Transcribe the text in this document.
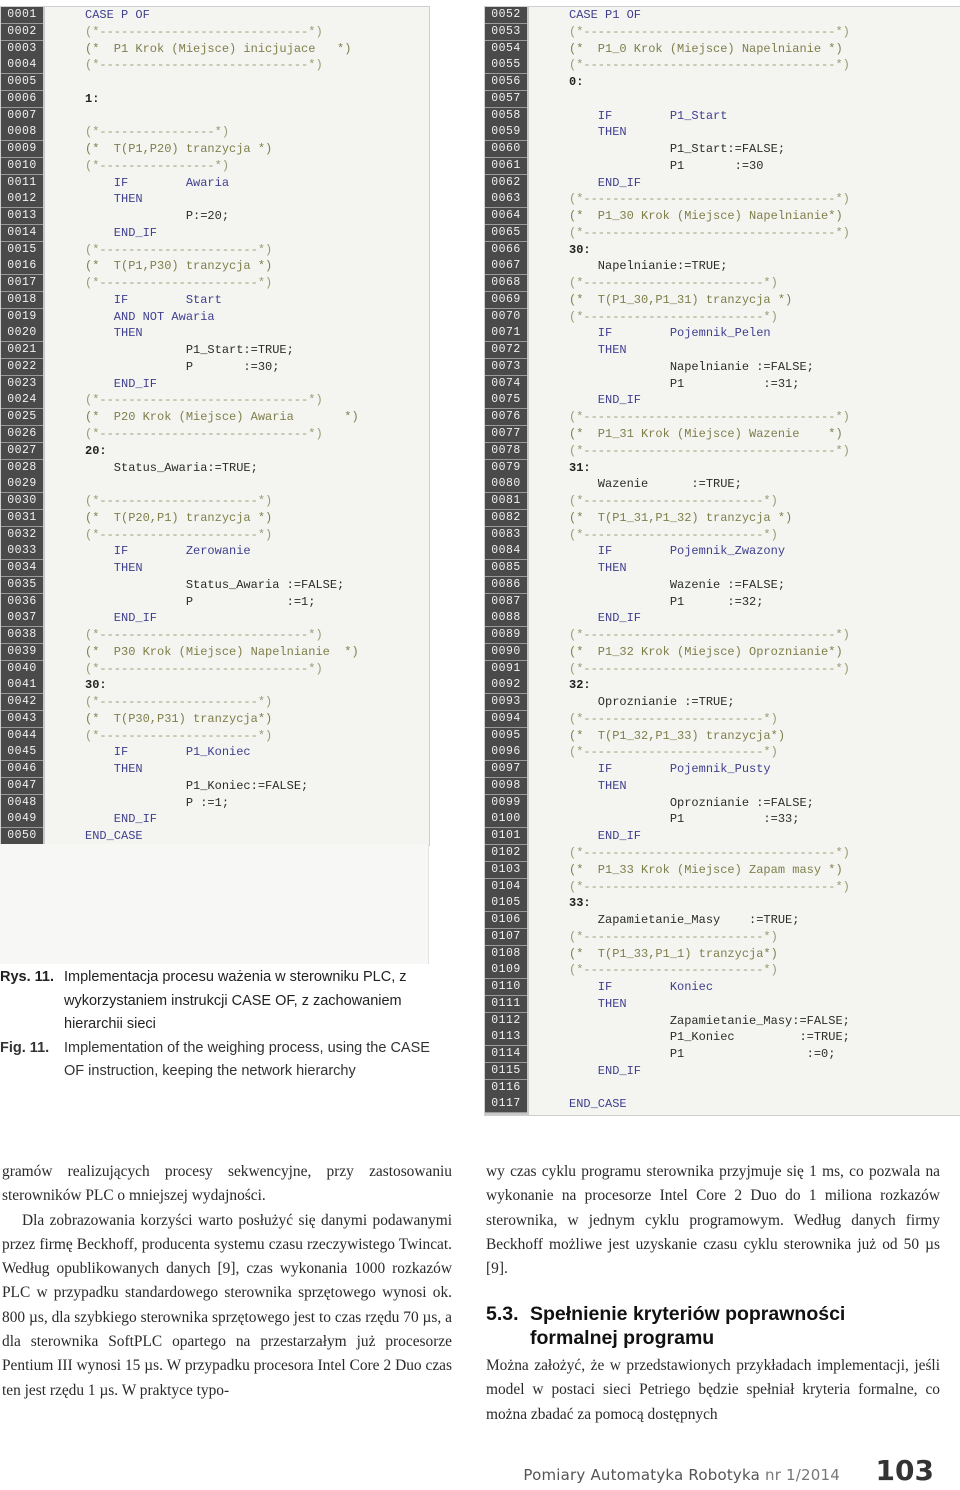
0001	CASE P OF
0002	(*-----------------------------*)
0003	(*  P1 Krok (Miejsce) inicjujace   *)
0004	(*-----------------------------*)
0005
0006	1:
0007
0008	(*----------------*)
0009	(*  T(P1,P20) tranzycja *)
0010	(*----------------*)
0011	IF        Awaria
0012	THEN
0013	P:=20;
0014	END_IF
0015	(*----------------------*)
0016	(*  T(P1,P30) tranzycja *)
0017	(*----------------------*)
0018	IF        Start
0019	AND NOT Awaria
0020	THEN
0021	P1_Start:=TRUE;
0022	P       :=30;
0023	END_IF
0024	(*-----------------------------*)
0025	(*  P20 Krok (Miejsce) Awaria       *)
0026	(*-----------------------------*)
0027	20:
0028	Status_Awaria:=TRUE;
0029
0030	(*----------------------*)
0031	(*  T(P20,P1) tranzycja *)
0032	(*----------------------*)
0033	IF        Zerowanie
0034	THEN
0035	Status_Awaria :=FALSE;
0036	P             :=1;
0037	END_IF
0038	(*-----------------------------*)
0039	(*  P30 Krok (Miejsce) Napelnianie  *)
0040	(*-----------------------------*)
0041	30:
0042	(*----------------------*)
0043	(*  T(P30,P31) tranzycja*)
0044	(*----------------------*)
0045	IF        P1_Koniec
0046	THEN
0047	P1_Koniec:=FALSE;
0048	P :=1;
0049	END_IF
0050	END_CASE
0052	CASE P1 OF
0053	(*-----------------------------------*)
0054	(*  P1_0 Krok (Miejsce) Napelnianie *)
0055	(*-----------------------------------*)
0056	0:
0057
0058	IF        P1_Start
0059	THEN
0060	P1_Start:=FALSE;
0061	P1       :=30
0062	END_IF
0063	(*-----------------------------------*)
0064	(*  P1_30 Krok (Miejsce) Napelnianie*)
0065	(*-----------------------------------*)
0066	30:
0067	Napelnianie:=TRUE;
0068	(*-------------------------*)
0069	(*  T(P1_30,P1_31) tranzycja *)
0070	(*-------------------------*)
0071	IF        Pojemnik_Pelen
0072	THEN
0073	Napelnianie :=FALSE;
0074	P1           :=31;
0075	END_IF
0076	(*-----------------------------------*)
0077	(*  P1_31 Krok (Miejsce) Wazenie    *)
0078	(*-----------------------------------*)
0079	31:
0080	Wazenie      :=TRUE;
0081	(*-------------------------*)
0082	(*  T(P1_31,P1_32) tranzycja *)
0083	(*-------------------------*)
0084	IF        Pojemnik_Zwazony
0085	THEN
0086	Wazenie :=FALSE;
0087	P1      :=32;
0088	END_IF
0089	(*-----------------------------------*)
0090	(*  P1_32 Krok (Miejsce) Oproznianie*)
0091	(*-----------------------------------*)
0092	32:
0093	Oproznianie :=TRUE;
0094	(*-------------------------*)
0095	(*  T(P1_32,P1_33) tranzycja*)
0096	(*-------------------------*)
0097	IF        Pojemnik_Pusty
0098	THEN
0099	Oproznianie :=FALSE;
0100	P1           :=33;
0101	END_IF
0102	(*-----------------------------------*)
0103	(*  P1_33 Krok (Miejsce) Zapam masy *)
0104	(*-----------------------------------*)
0105	33:
0106	Zapamietanie_Masy    :=TRUE;
0107	(*-------------------------*)
0108	(*  T(P1_33,P1_1) tranzycja*)
0109	(*-------------------------*)
0110	IF        Koniec
0111	THEN
0112	Zapamietanie_Masy:=FALSE;
0113	P1_Koniec         :=TRUE;
0114	P1                 :=0;
0115	END_IF
0116
0117	END_CASE
Rys. 11. Implementacja procesu ważenia w sterowniku PLC, z wykorzystaniem instrukcji CASE OF, z zachowaniem hierarchii sieci
Fig. 11. Implementation of the weighing process, using the CASE OF instruction, keeping the network hierarchy

gramów realizujących procesy sekwencyjne, przy zastosowaniu sterowników PLC o mniejszej wydajności.

Dla zobrazowania korzyści warto posłużyć się danymi podawanymi przez firmę Beckhoff, producenta systemu czasu rzeczywistego Twincat. Według opublikowanych danych [9], czas wykonania 1000 rozkazów PLC w przypadku standardowego sterownika sprzętowego wynosi ok. 800 µs, dla szybkiego sterownika sprzętowego jest to czas rzędu 70 µs, a dla sterownika SoftPLC opartego na przestarzałym już procesorze Pentium III wynosi 15 µs. W przypadku procesora Intel Core 2 Duo czas ten jest rzędu 1 µs. W praktyce typo-

wy czas cyklu programu sterownika przyjmuje się 1 ms, co pozwala na wykonanie na procesorze Intel Core 2 Duo do 1 miliona rozkazów sterownika, w jednym cyklu programowym. Według danych firmy Beckhoff możliwe jest uzyskanie czasu cyklu sterownika już od 50 µs [9].

5.3. Spełnienie kryteriów poprawności
formalnej programu

Można założyć, że w przedstawionych przykładach implementacji, jeśli model w postaci sieci Petriego będzie spełniał kryteria formalne, co można zbadać za pomocą dostępnych

Pomiary Automatyka Robotyka nr 1/2014 103
